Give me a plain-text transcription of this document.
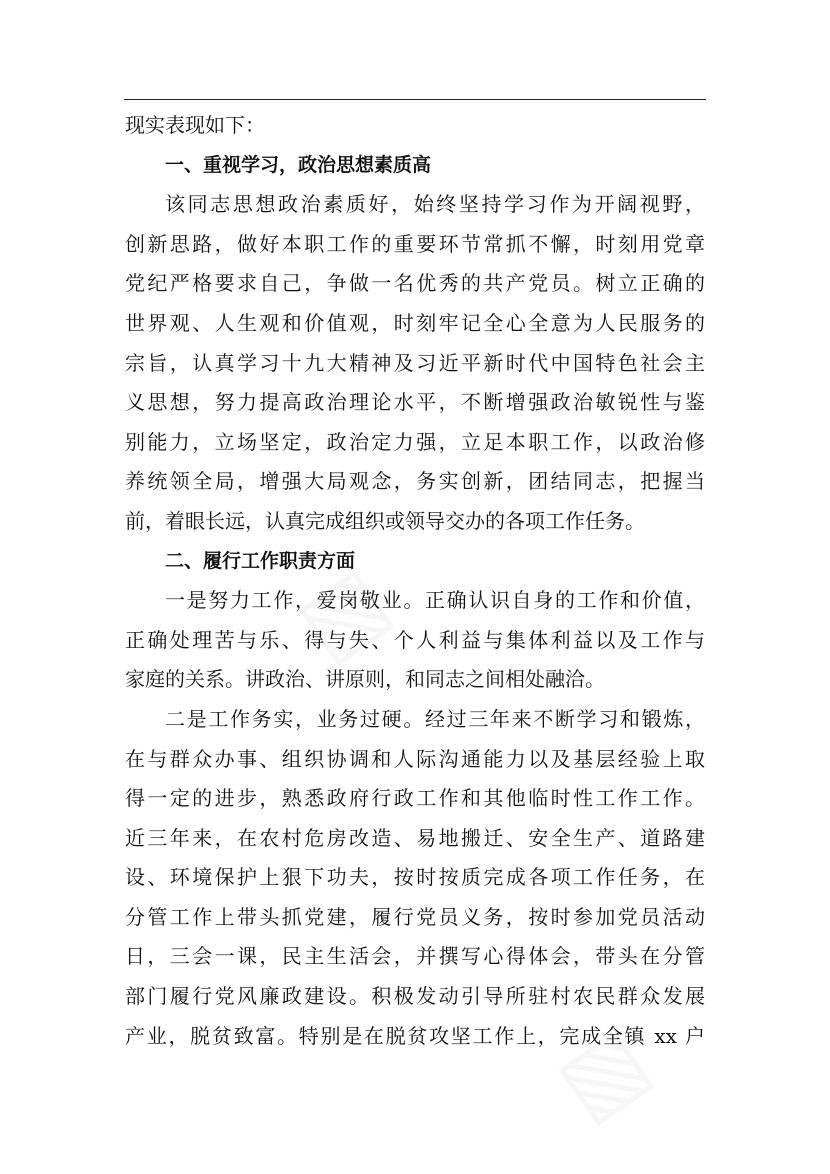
现实表现如下：
一、重视学习，政治思想素质高
该同志思想政治素质好，始终坚持学习作为开阔视野，
创新思路，做好本职工作的重要环节常抓不懈，时刻用党章
党纪严格要求自己，争做一名优秀的共产党员。树立正确的
世界观、人生观和价值观，时刻牢记全心全意为人民服务的
宗旨，认真学习十九大精神及习近平新时代中国特色社会主
义思想，努力提高政治理论水平，不断增强政治敏锐性与鉴
别能力，立场坚定，政治定力强，立足本职工作，以政治修
养统领全局，增强大局观念，务实创新，团结同志，把握当
前，着眼长远，认真完成组织或领导交办的各项工作任务。
二、履行工作职责方面
一是努力工作，爱岗敬业。正确认识自身的工作和价值，
正确处理苦与乐、得与失、个人利益与集体利益以及工作与
家庭的关系。讲政治、讲原则，和同志之间相处融洽。
二是工作务实，业务过硬。经过三年来不断学习和锻炼，
在与群众办事、组织协调和人际沟通能力以及基层经验上取
得一定的进步，熟悉政府行政工作和其他临时性工作工作。
近三年来，在农村危房改造、易地搬迁、安全生产、道路建
设、环境保护上狠下功夫，按时按质完成各项工作任务，在
分管工作上带头抓党建，履行党员义务，按时参加党员活动
日，三会一课，民主生活会，并撰写心得体会，带头在分管
部门履行党风廉政建设。积极发动引导所驻村农民群众发展
产业，脱贫致富。特别是在脱贫攻坚工作上，完成全镇 xx 户
